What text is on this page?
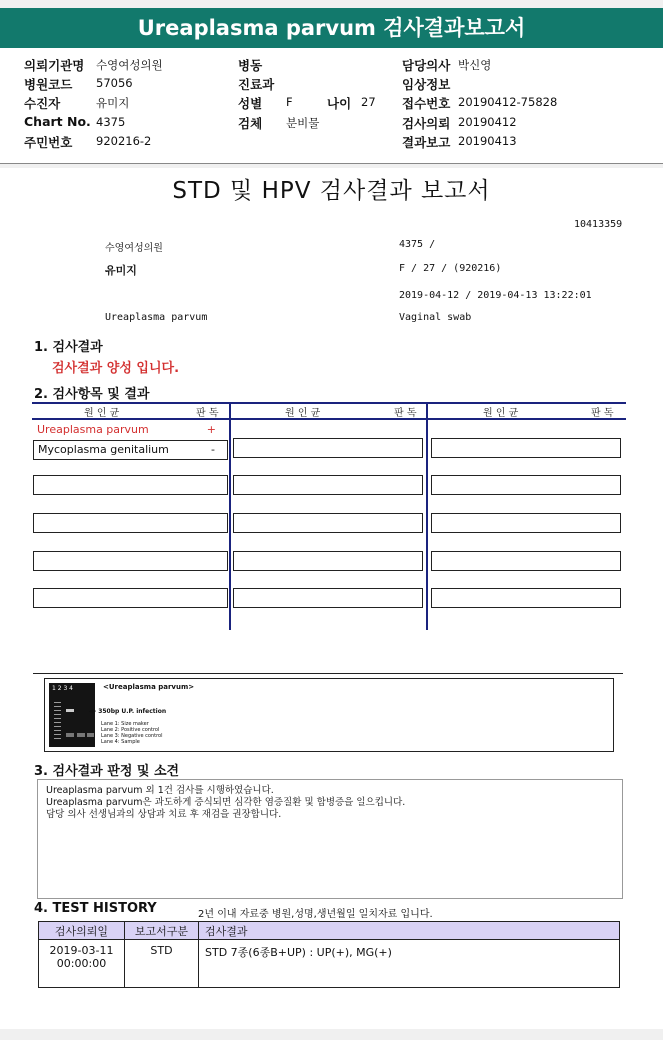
Ureaplasma parvum 검사결과보고서
의뢰기관명 수영여성의원
병원코드 57056
수진자	유미지
Chart No. 4375
주민번호 920216-2
병동
진료과
성별 F	나이 27
검체 분비물
담당의사 박신영
임상정보
접수번호 20190412-75828
검사의뢰 20190412
결과보고 20190413
STD 및 HPV 검사결과 보고서
10413359
수영여성의원	4375 /
유미지	F / 27 / (920216)
2019-04-12 / 2019-04-13 13:22:01
Ureaplasma parvum	Vaginal swab
1. 검사결과
검사결과 양성 입니다.
2. 검사항목 및 결과
원 인 균	판 독	원 인 균	판 독	원 인 균	판 독
Ureaplasma parvum	+
Mycoplasma genitalium	-
1 2 3 4	<Ureaplasma parvum>
◀- 350bp U.P. infection
Lane 1: Size maker
Lane 2: Positive control
Lane 3: Negative control
Lane 4: Sample
3. 검사결과 판정 및 소견
Ureaplasma parvum 외 1건 검사를 시행하였습니다.
Ureaplasma parvum은 과도하게 증식되면 심각한 염증질환 및 합병증을 일으킵니다.
담당 의사 선생님과의 상담과 치료 후 재검을 권장합니다.
4. TEST HISTORY	2년 이내 자료중 병원,성명,생년월일 일치자료 입니다.
검사의뢰일	보고서구분	검사결과

2019-03-11
00:00:00	STD	STD 7종(6종B+UP) : UP(+), MG(+)
